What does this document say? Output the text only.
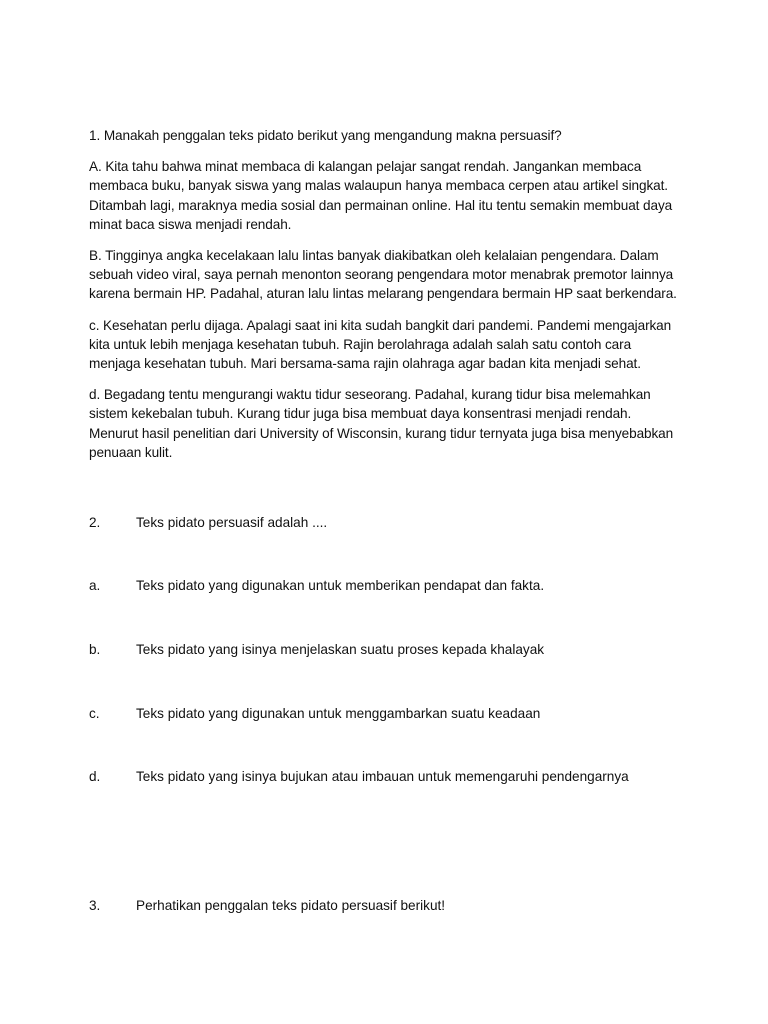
1. Manakah penggalan teks pidato berikut yang mengandung makna persuasif?

A. Kita tahu bahwa minat membaca di kalangan pelajar sangat rendah. Jangankan membaca membaca buku, banyak siswa yang malas walaupun hanya membaca cerpen atau artikel singkat. Ditambah lagi, maraknya media sosial dan permainan online. Hal itu tentu semakin membuat daya minat baca siswa menjadi rendah.

B. Tingginya angka kecelakaan lalu lintas banyak diakibatkan oleh kelalaian pengendara. Dalam sebuah video viral, saya pernah menonton seorang pengendara motor menabrak premotor lainnya karena bermain HP. Padahal, aturan lalu lintas melarang pengendara bermain HP saat berkendara.

c. Kesehatan perlu dijaga. Apalagi saat ini kita sudah bangkit dari pandemi. Pandemi mengajarkan kita untuk lebih menjaga kesehatan tubuh. Rajin berolahraga adalah salah satu contoh cara menjaga kesehatan tubuh. Mari bersama-sama rajin olahraga agar badan kita menjadi sehat.

d. Begadang tentu mengurangi waktu tidur seseorang. Padahal, kurang tidur bisa melemahkan sistem kekebalan tubuh. Kurang tidur juga bisa membuat daya konsentrasi menjadi rendah. Menurut hasil penelitian dari University of Wisconsin, kurang tidur ternyata juga bisa menyebabkan penuaan kulit.

2.	Teks pidato persuasif adalah ....
a.	Teks pidato yang digunakan untuk memberikan pendapat dan fakta.
b.	Teks pidato yang isinya menjelaskan suatu proses kepada khalayak
c.	Teks pidato yang digunakan untuk menggambarkan suatu keadaan
d.	Teks pidato yang isinya bujukan atau imbauan untuk memengaruhi pendengarnya
3.	Perhatikan penggalan teks pidato persuasif berikut!
